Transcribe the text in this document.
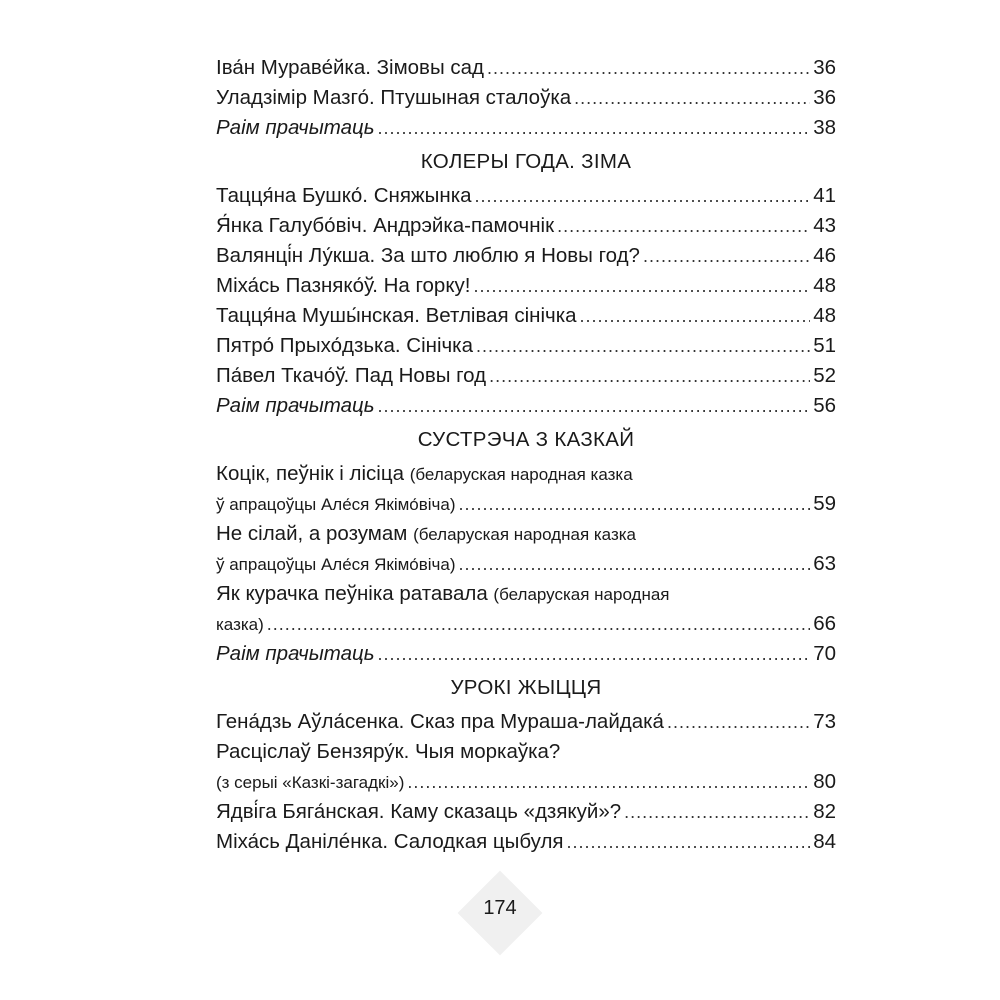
Іва́н Мураве́йка. Зімовы сад .....	36
Уладзімір Мазго́. Птушыная сталоўка .....	36
Раім прачытаць .....	38
КОЛЕРЫ ГОДА. ЗІМА
Тацця́на Бушко́. Сняжынка .....	41
Я́нка Галубо́віч. Андрэйка-памочнік .....	43
Валянці́н Лу́кша. За што люблю я Новы год? .....	46
Міха́сь Пазняко́ў. На горку! .....	48
Тацця́на Мушы́нская. Ветлівая сінічка .....	48
Пятро́ Прыхо́дзька. Сінічка .....	51
Па́вел Ткачо́ў. Пад Новы год .....	52
Раім прачытаць .....	56
СУСТРЭЧА З КАЗКАЙ
Коцік, пеўнік і лісіца (беларуская народная казка
ў апрацоўцы Але́ся Якімо́віча) .....	59
Не сілай, а розумам (беларуская народная казка
ў апрацоўцы Але́ся Якімо́віча) .....	63
Як курачка пеўніка ратавала (беларуская народная
казка) .....	66
Раім прачытаць .....	70
УРОКІ ЖЫЦЦЯ
Гена́дзь Аўла́сенка. Сказ пра Мураша-лайдака́ .....	73
Расціслаў Бензяру́к. Чыя моркаўка?
(з серыі «Казкі-загадкі») .....	80
Ядві́га Бяга́нская. Каму сказаць «дзякуй»? .....	82
Міха́сь Данілéнка. Салодкая цыбуля .....	84
174
